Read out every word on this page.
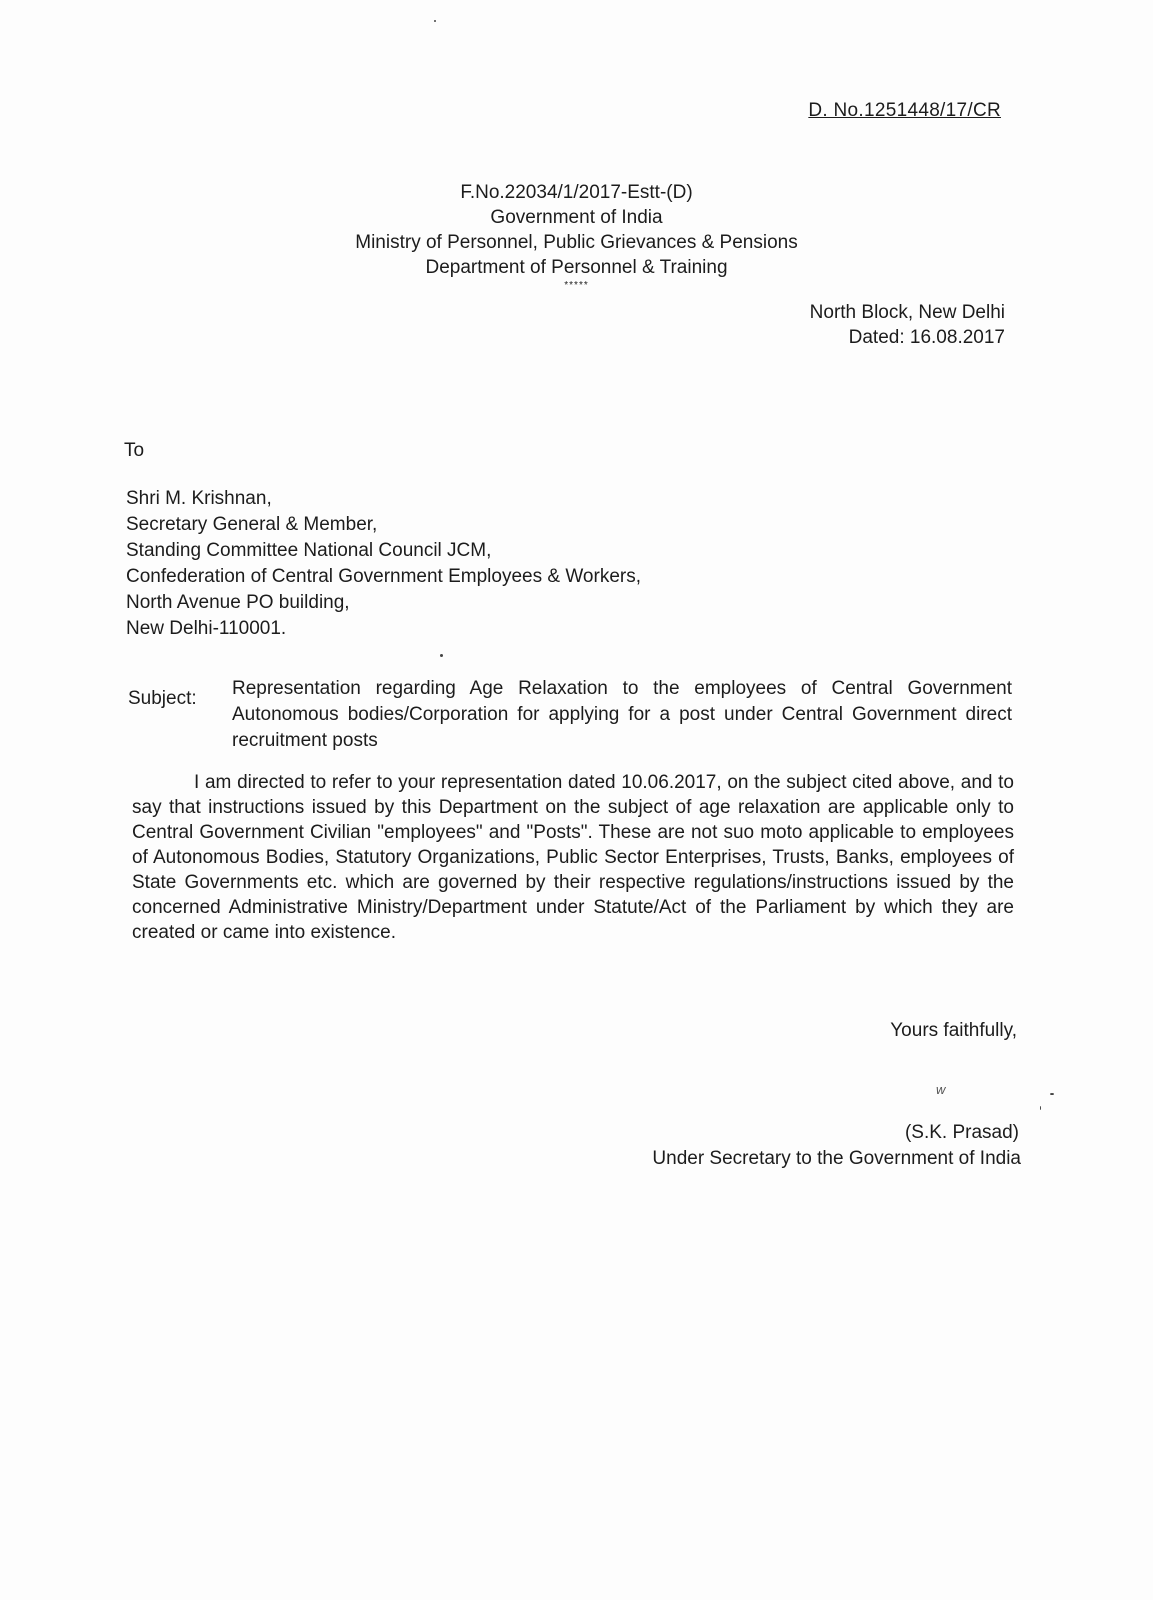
D. No.1251448/17/CR
F.No.22034/1/2017-Estt-(D)
Government of India
Ministry of Personnel, Public Grievances & Pensions
Department of Personnel & Training
*****
North Block, New Delhi
Dated: 16.08.2017
To
Shri M. Krishnan,
Secretary General & Member,
Standing Committee National Council JCM,
Confederation of Central Government Employees & Workers,
North Avenue PO building,
New Delhi-110001.
Subject: Representation regarding Age Relaxation to the employees of Central Government Autonomous bodies/Corporation for applying for a post under Central Government direct recruitment posts
I am directed to refer to your representation dated 10.06.2017, on the subject cited above, and to say that instructions issued by this Department on the subject of age relaxation are applicable only to Central Government Civilian "employees" and "Posts". These are not suo moto applicable to employees of Autonomous Bodies, Statutory Organizations, Public Sector Enterprises, Trusts, Banks, employees of State Governments etc. which are governed by their respective regulations/instructions issued by the concerned Administrative Ministry/Department under Statute/Act of the Parliament by which they are created or came into existence.
Yours faithfully,
w
(S.K. Prasad)
Under Secretary to the Government of India
